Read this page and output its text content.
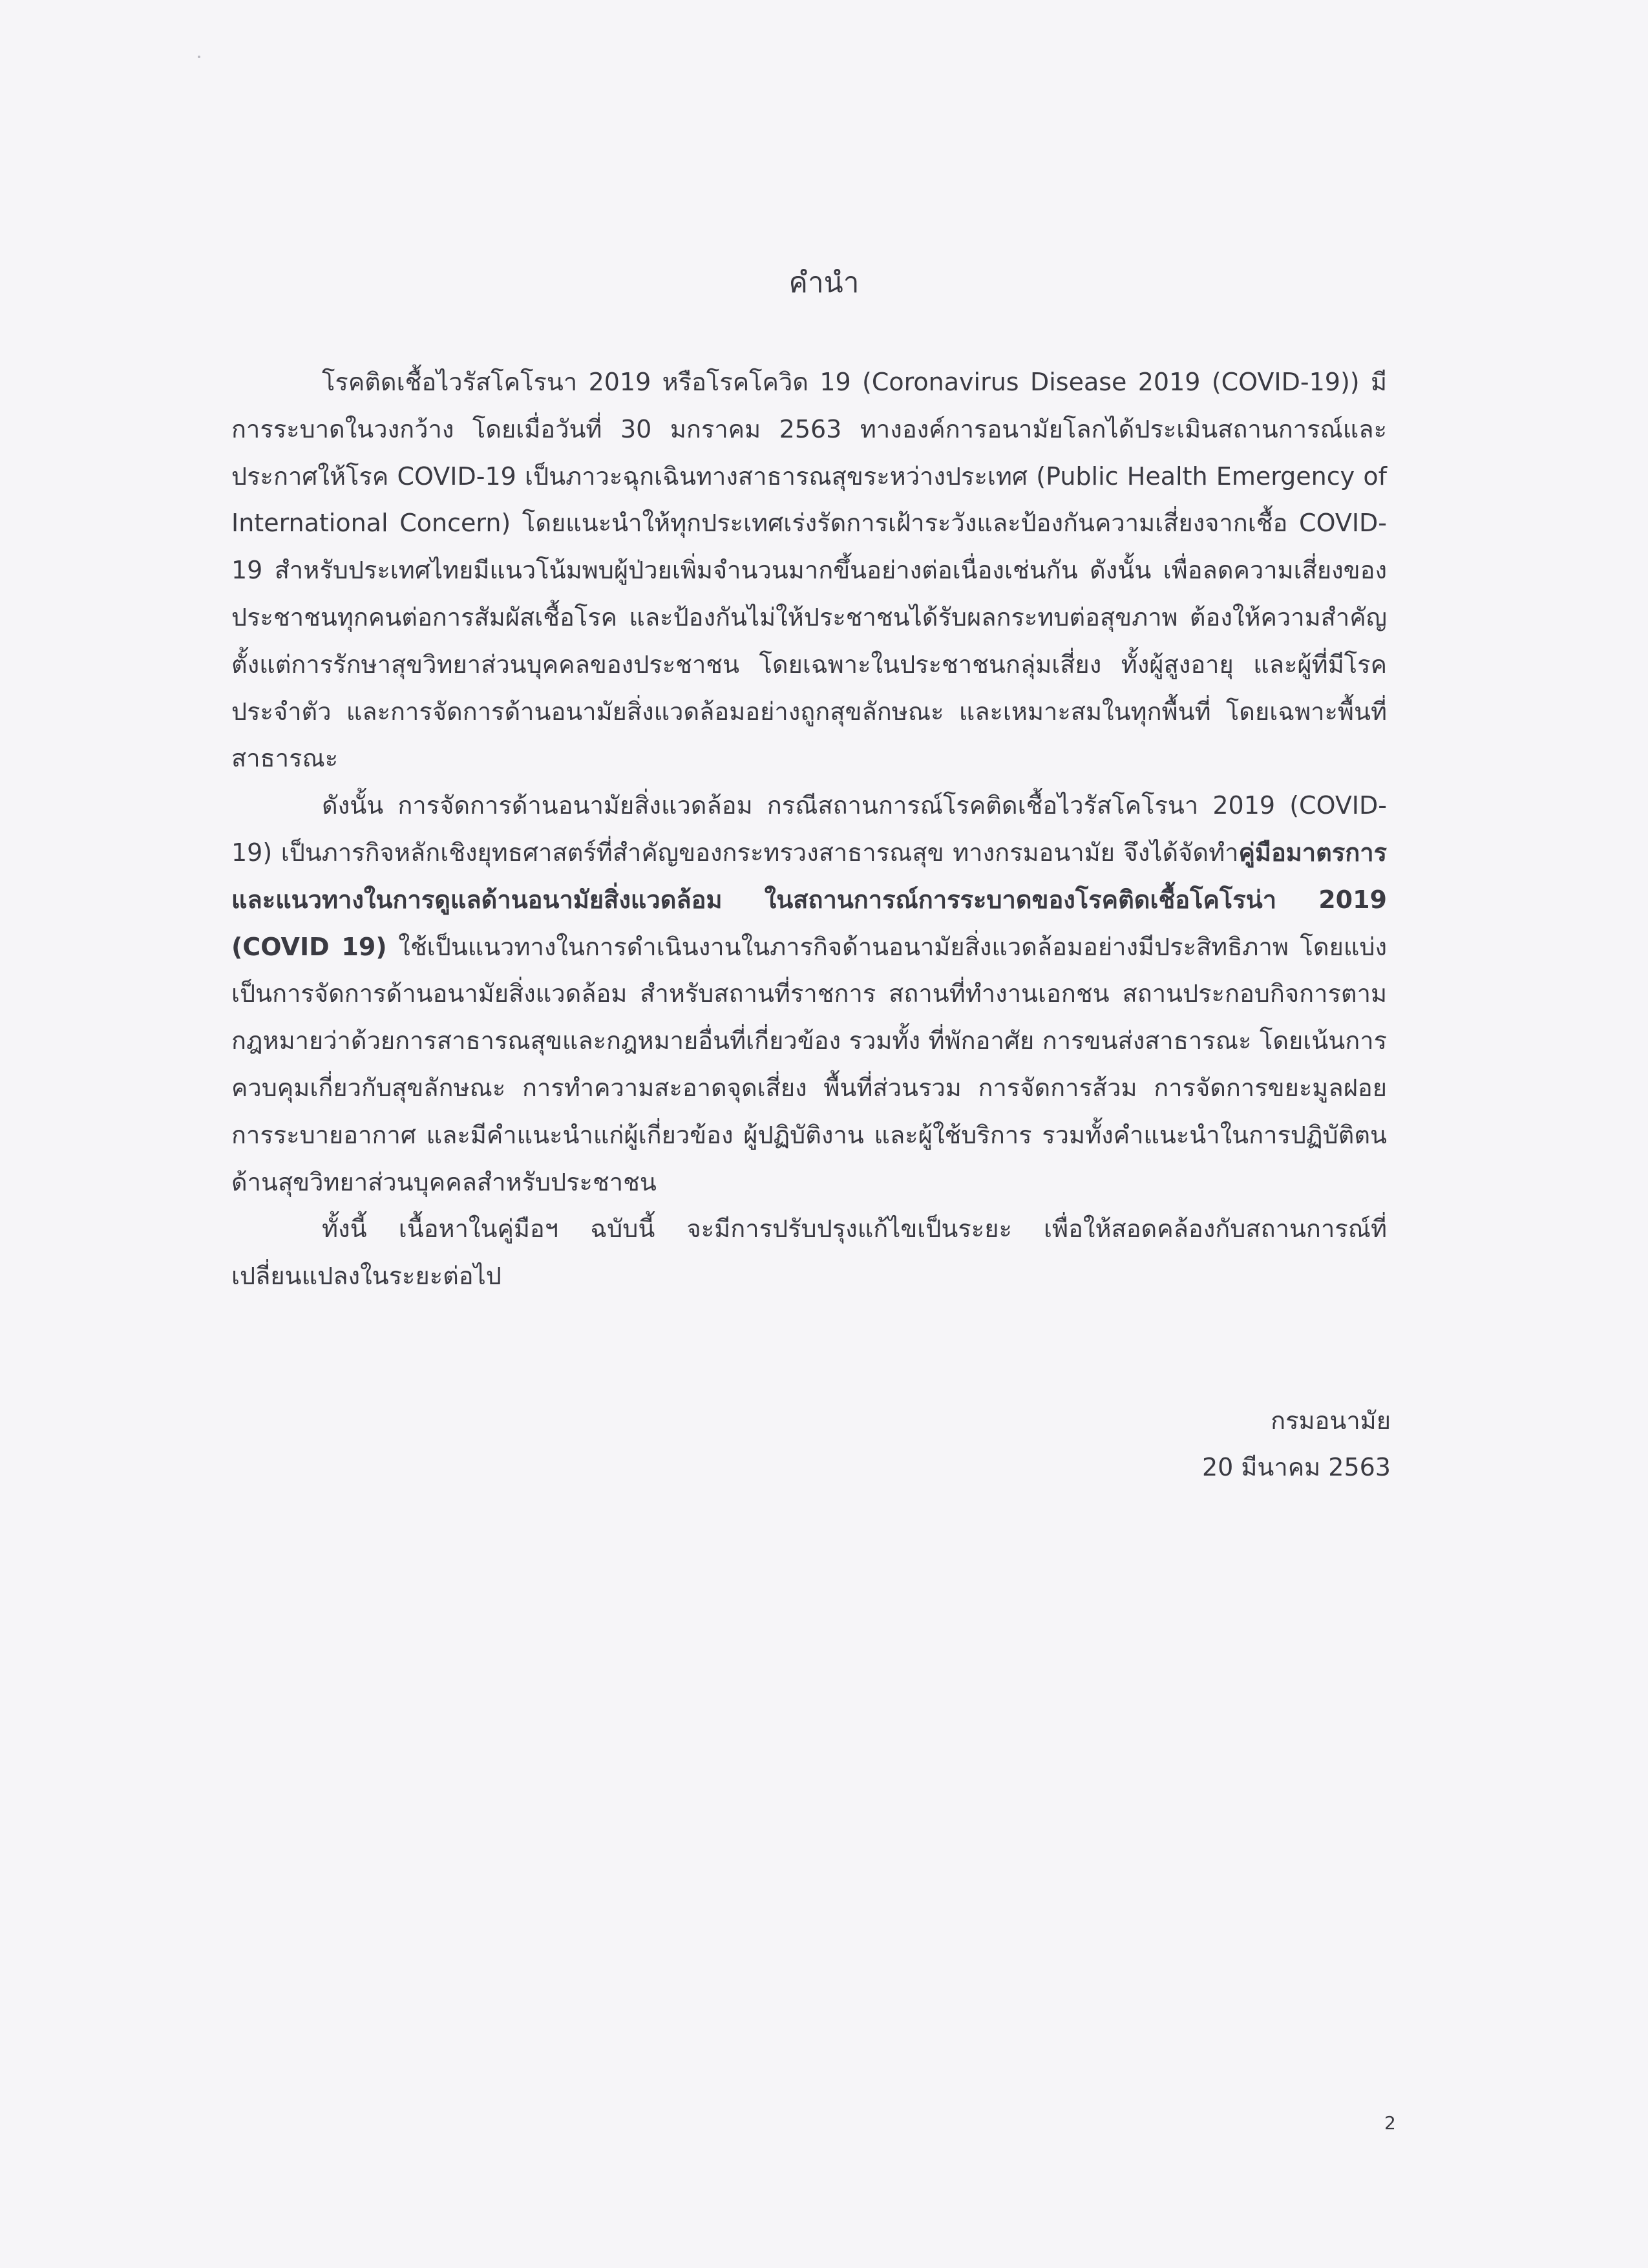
คำนำ

โรคติดเชื้อไวรัสโคโรนา 2019 หรือโรคโควิด 19 (Coronavirus Disease 2019 (COVID-19)) มีการระบาดในวงกว้าง โดยเมื่อวันที่ 30 มกราคม 2563 ทางองค์การอนามัยโลกได้ประเมินสถานการณ์และประกาศให้โรค COVID-19 เป็นภาวะฉุกเฉินทางสาธารณสุขระหว่างประเทศ (Public Health Emergency of International Concern) โดยแนะนำให้ทุกประเทศเร่งรัดการเฝ้าระวังและป้องกันความเสี่ยงจากเชื้อ COVID-19 สำหรับประเทศไทยมีแนวโน้มพบผู้ป่วยเพิ่มจำนวนมากขึ้นอย่างต่อเนื่องเช่นกัน ดังนั้น เพื่อลดความเสี่ยงของประชาชนทุกคนต่อการสัมผัสเชื้อโรค และป้องกันไม่ให้ประชาชนได้รับผลกระทบต่อสุขภาพ ต้องให้ความสำคัญตั้งแต่การรักษาสุขวิทยาส่วนบุคคลของประชาชน โดยเฉพาะในประชาชนกลุ่มเสี่ยง ทั้งผู้สูงอายุ และผู้ที่มีโรคประจำตัว และการจัดการด้านอนามัยสิ่งแวดล้อมอย่างถูกสุขลักษณะ และเหมาะสมในทุกพื้นที่ โดยเฉพาะพื้นที่สาธารณะ

ดังนั้น การจัดการด้านอนามัยสิ่งแวดล้อม กรณีสถานการณ์โรคติดเชื้อไวรัสโคโรนา 2019 (COVID-19) เป็นภารกิจหลักเชิงยุทธศาสตร์ที่สำคัญของกระทรวงสาธารณสุข ทางกรมอนามัย จึงได้จัดทำคู่มือมาตรการและแนวทางในการดูแลด้านอนามัยสิ่งแวดล้อม ในสถานการณ์การระบาดของโรคติดเชื้อโคโรน่า 2019 (COVID 19) ใช้เป็นแนวทางในการดำเนินงานในภารกิจด้านอนามัยสิ่งแวดล้อมอย่างมีประสิทธิภาพ โดยแบ่งเป็นการจัดการด้านอนามัยสิ่งแวดล้อม สำหรับสถานที่ราชการ สถานที่ทำงานเอกชน สถานประกอบกิจการตามกฎหมายว่าด้วยการสาธารณสุขและกฎหมายอื่นที่เกี่ยวข้อง รวมทั้ง ที่พักอาศัย การขนส่งสาธารณะ โดยเน้นการควบคุมเกี่ยวกับสุขลักษณะ การทำความสะอาดจุดเสี่ยง พื้นที่ส่วนรวม การจัดการส้วม การจัดการขยะมูลฝอย การระบายอากาศ และมีคำแนะนำแก่ผู้เกี่ยวข้อง ผู้ปฏิบัติงาน และผู้ใช้บริการ รวมทั้งคำแนะนำในการปฏิบัติตนด้านสุขวิทยาส่วนบุคคลสำหรับประชาชน

ทั้งนี้ เนื้อหาในคู่มือฯ ฉบับนี้ จะมีการปรับปรุงแก้ไขเป็นระยะ เพื่อให้สอดคล้องกับสถานการณ์ที่เปลี่ยนแปลงในระยะต่อไป

กรมอนามัย
20 มีนาคม 2563
2
